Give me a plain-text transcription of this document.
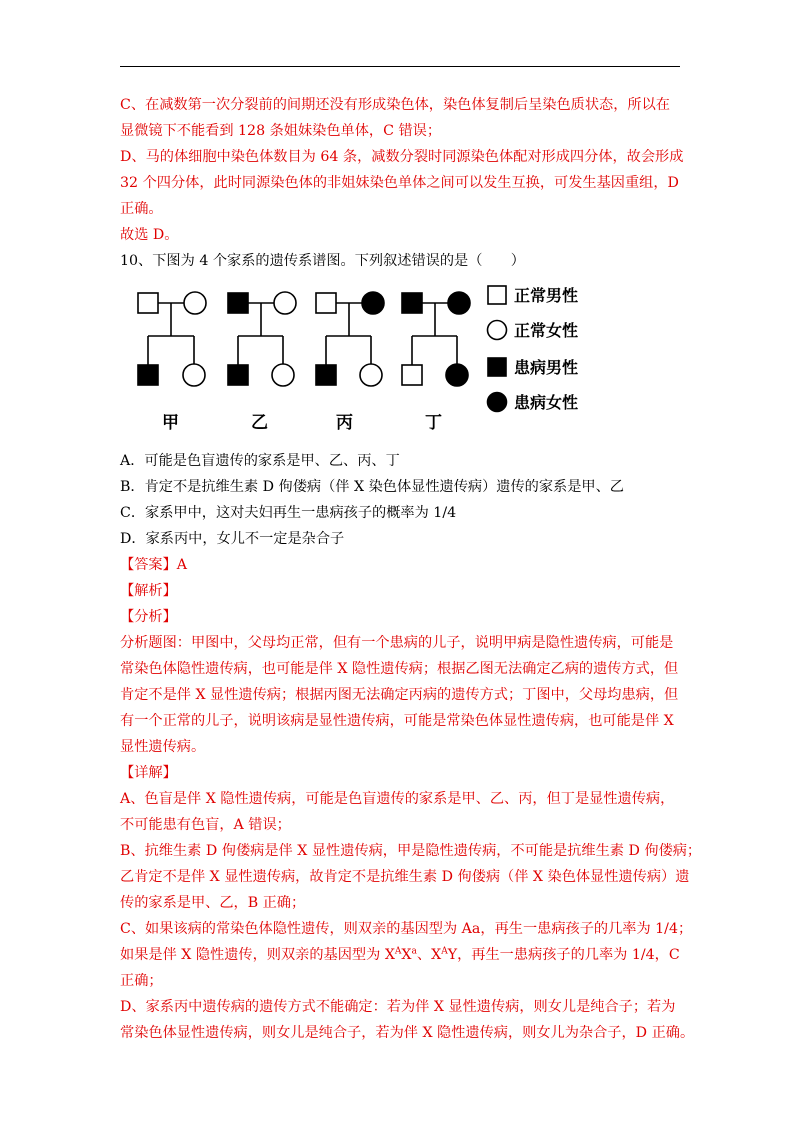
C、在减数第一次分裂前的间期还没有形成染色体，染色体复制后呈染色质状态，所以在
显微镜下不能看到 128 条姐妹染色单体，C 错误；
D、马的体细胞中染色体数目为 64 条，减数分裂时同源染色体配对形成四分体，故会形成
32 个四分体，此时同源染色体的非姐妹染色单体之间可以发生互换，可发生基因重组，D
正确。
故选 D。
10、下图为 4 个家系的遗传系谱图。下列叙述错误的是（　　）
甲	乙	丙	丁
正常男性
正常女性
患病男性
患病女性
A．可能是色盲遗传的家系是甲、乙、丙、丁
B．肯定不是抗维生素 D 佝偻病（伴 X 染色体显性遗传病）遗传的家系是甲、乙
C．家系甲中，这对夫妇再生一患病孩子的概率为 1/4
D．家系丙中，女儿不一定是杂合子
【答案】A
【解析】
【分析】
分析题图：甲图中，父母均正常，但有一个患病的儿子，说明甲病是隐性遗传病，可能是
常染色体隐性遗传病，也可能是伴 X 隐性遗传病；根据乙图无法确定乙病的遗传方式，但
肯定不是伴 X 显性遗传病；根据丙图无法确定丙病的遗传方式；丁图中，父母均患病，但
有一个正常的儿子，说明该病是显性遗传病，可能是常染色体显性遗传病，也可能是伴 X
显性遗传病。
【详解】
A、色盲是伴 X 隐性遗传病，可能是色盲遗传的家系是甲、乙、丙，但丁是显性遗传病，
不可能患有色盲，A 错误；
B、抗维生素 D 佝偻病是伴 X 显性遗传病，甲是隐性遗传病，不可能是抗维生素 D 佝偻病；
乙肯定不是伴 X 显性遗传病，故肯定不是抗维生素 D 佝偻病（伴 X 染色体显性遗传病）遗
传的家系是甲、乙，B 正确；
C、如果该病的常染色体隐性遗传，则双亲的基因型为 Aa，再生一患病孩子的几率为 1/4；
如果是伴 X 隐性遗传，则双亲的基因型为 $X^AX^a$、$X^AY$，再生一患病孩子的几率为 1/4，C
正确；
D、家系丙中遗传病的遗传方式不能确定：若为伴 X 显性遗传病，则女儿是纯合子；若为
常染色体显性遗传病，则女儿是纯合子，若为伴 X 隐性遗传病，则女儿为杂合子，D 正确。
